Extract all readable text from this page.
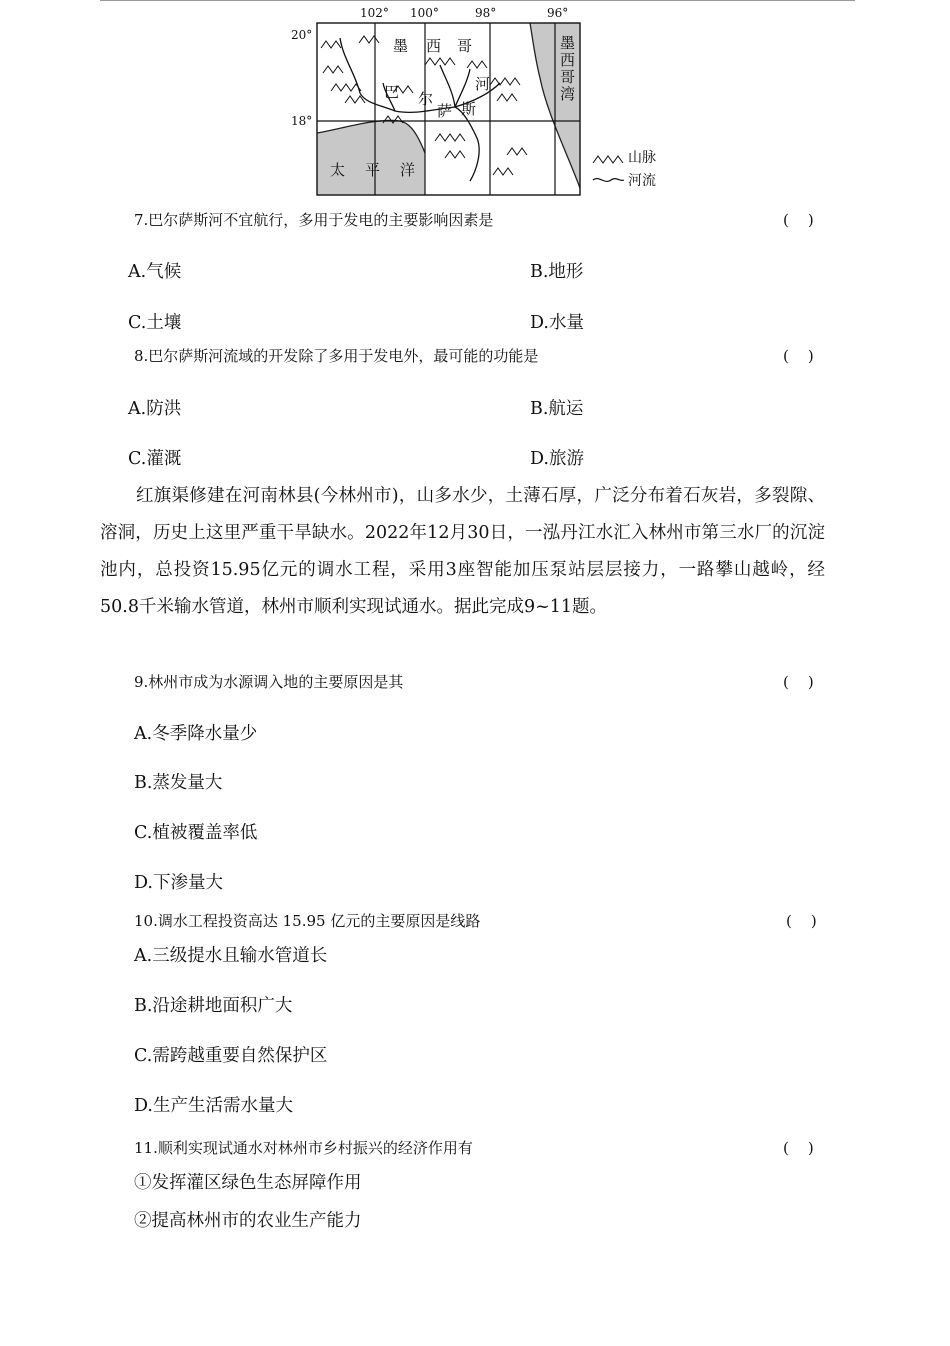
102° 100°	98°	96°
20°
18°
墨 西 哥	墨
西
哥
湾
巴 尔
萨 斯
河
太 平 洋
山脉
河流
7.巴尔萨斯河不宜航行，多用于发电的主要影响因素是	(    )
A.气候	B.地形
C.土壤	D.水量
8.巴尔萨斯河流域的开发除了多用于发电外，最可能的功能是	(    )
A.防洪	B.航运
C.灌溉	D.旅游
红旗渠修建在河南林县(今林州市)，山多水少，土薄石厚，广泛分布着石灰岩，多裂隙、溶洞，历史上这里严重干旱缺水。2022年12月30日，一泓丹江水汇入林州市第三水厂的沉淀池内，总投资15.95亿元的调水工程，采用3座智能加压泵站层层接力，一路攀山越岭，经50.8千米输水管道，林州市顺利实现试通水。据此完成9~11题。
9.林州市成为水源调入地的主要原因是其	(    )
A.冬季降水量少
B.蒸发量大
C.植被覆盖率低
D.下渗量大
10.调水工程投资高达 15.95 亿元的主要原因是线路	(    )
A.三级提水且输水管道长
B.沿途耕地面积广大
C.需跨越重要自然保护区
D.生产生活需水量大
11.顺利实现试通水对林州市乡村振兴的经济作用有	(    )
①发挥灌区绿色生态屏障作用
②提高林州市的农业生产能力
